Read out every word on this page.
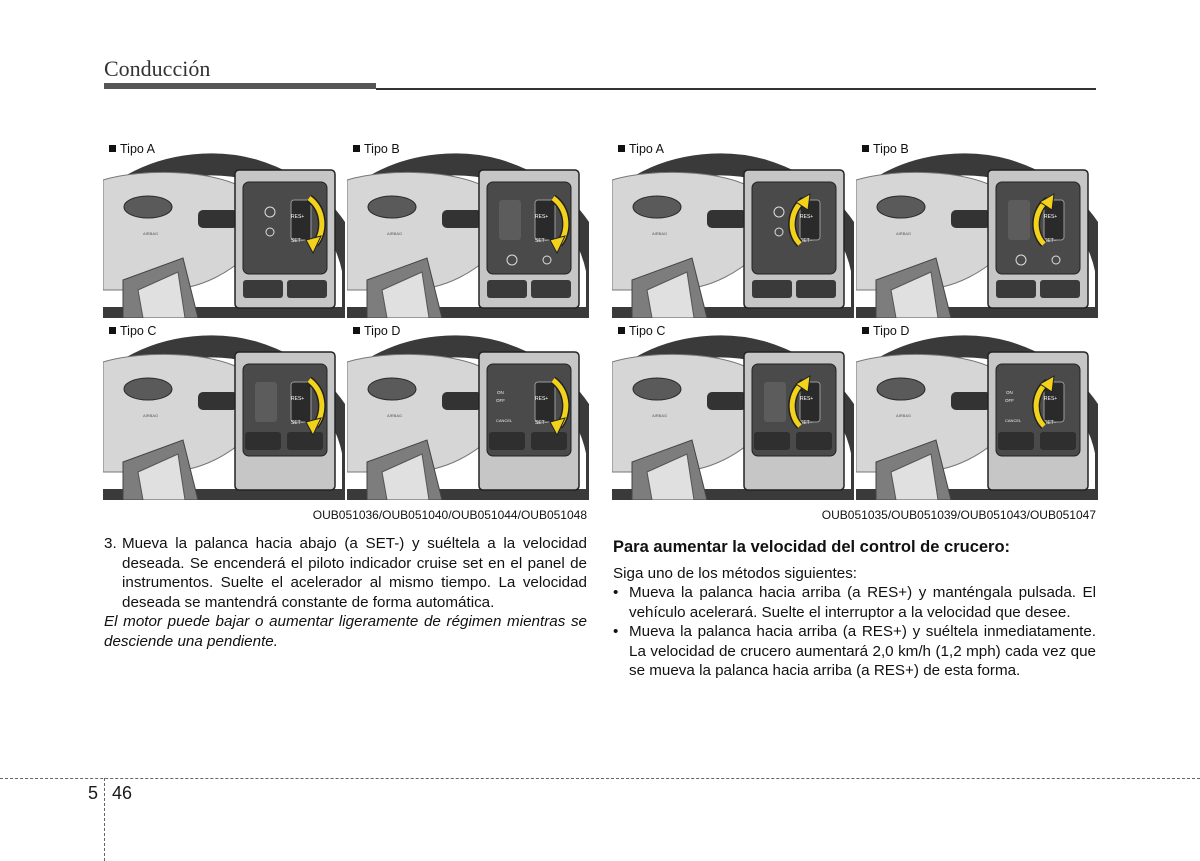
Conducción
Tipo A
AIRBAG
RES+
SET−
Tipo B
AIRBAG
RES+
SET−
Tipo C
AIRBAG
RES+
SET−
Tipo D
AIRBAG
ON
OFF
CANCEL
RES+
SET−
OUB051036/OUB051040/OUB051044/OUB051048
Tipo A
AIRBAG
RES+
SET−
Tipo B
AIRBAG
RES+
SET−
Tipo C
AIRBAG
RES+
SET−
Tipo D
AIRBAG
ON
OFF
CANCEL
RES+
SET−
OUB051035/OUB051039/OUB051043/OUB051047
3. Mueva la palanca hacia abajo (a SET-) y suéltela a la velocidad deseada. Se encenderá el piloto indicador cruise set en el panel de instrumentos. Suelte el acelerador al mismo tiempo. La velocidad deseada se mantendrá constante de forma automática.
El motor puede bajar o aumentar ligeramente de régimen mientras se desciende una pendiente.
Para aumentar la velocidad del control de crucero:
Siga uno de los métodos siguientes:
• Mueva la palanca hacia arriba (a RES+) y manténgala pulsada. El vehículo acelerará. Suelte el interruptor a la velocidad que desee.
• Mueva la palanca hacia arriba (a RES+) y suéltela inmediatamente. La velocidad de crucero aumentará 2,0 km/h (1,2 mph) cada vez que se mueva la palanca hacia arriba (a RES+) de esta forma.
5 46
